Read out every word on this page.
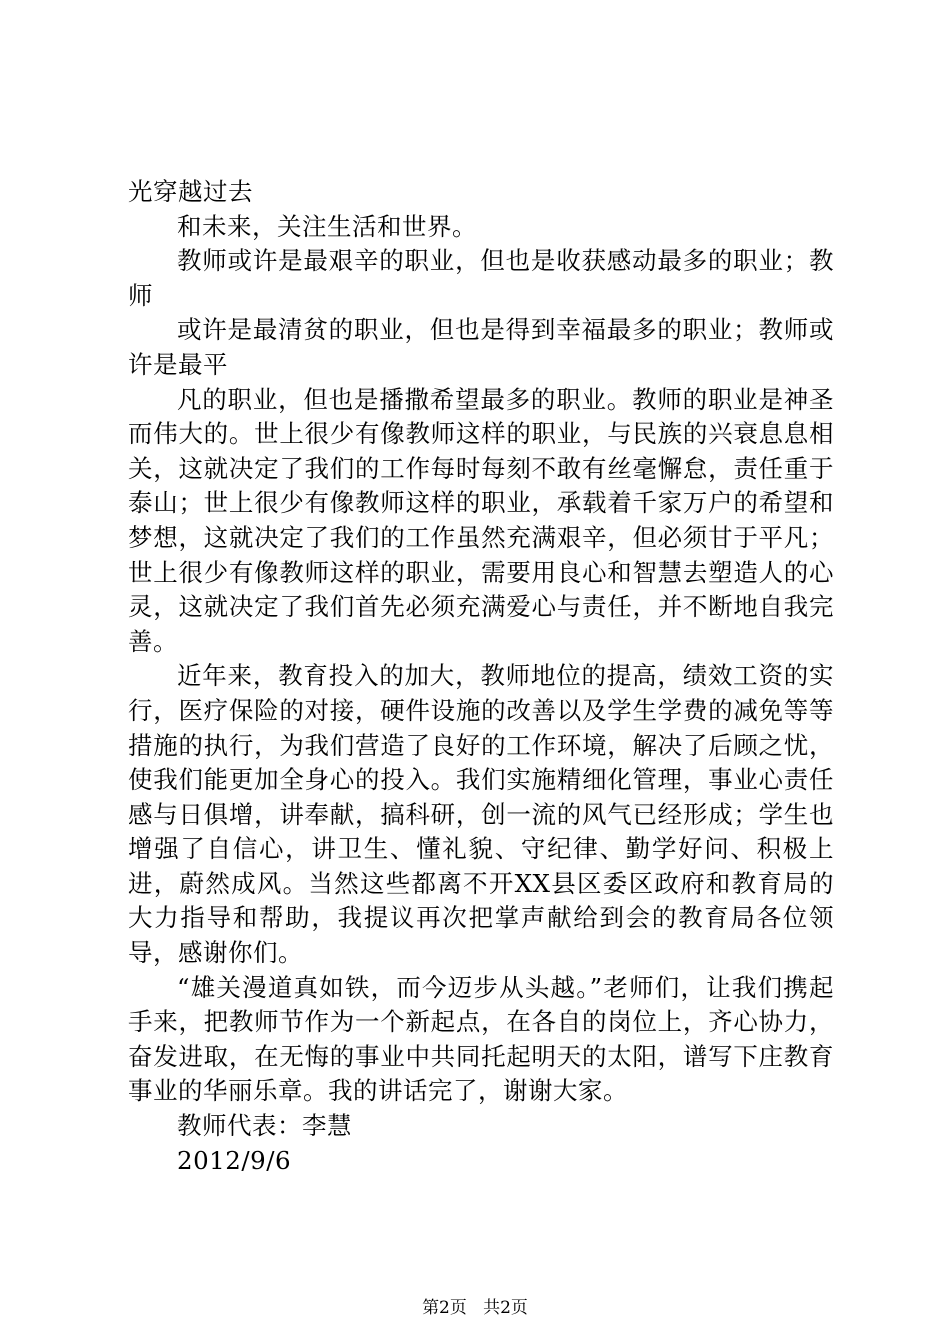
光穿越过去

和未来，关注生活和世界。

教师或许是最艰辛的职业，但也是收获感动最多的职业；教师

或许是最清贫的职业，但也是得到幸福最多的职业；教师或许是最平

凡的职业，但也是播撒希望最多的职业。教师的职业是神圣而伟大的。世上很少有像教师这样的职业，与民族的兴衰息息相关，这就决定了我们的工作每时每刻不敢有丝毫懈怠，责任重于泰山；世上很少有像教师这样的职业，承载着千家万户的希望和梦想，这就决定了我们的工作虽然充满艰辛，但必须甘于平凡；世上很少有像教师这样的职业，需要用良心和智慧去塑造人的心灵，这就决定了我们首先必须充满爱心与责任，并不断地自我完善。

近年来，教育投入的加大，教师地位的提高，绩效工资的实行，医疗保险的对接，硬件设施的改善以及学生学费的减免等等措施的执行，为我们营造了良好的工作环境，解决了后顾之忧，使我们能更加全身心的投入。我们实施精细化管理，事业心责任感与日俱增，讲奉献，搞科研，创一流的风气已经形成；学生也增强了自信心，讲卫生、懂礼貌、守纪律、勤学好问、积极上进，蔚然成风。当然这些都离不开XX县区委区政府和教育局的大力指导和帮助，我提议再次把掌声献给到会的教育局各位领导，感谢你们。

“雄关漫道真如铁，而今迈步从头越。”老师们，让我们携起手来，把教师节作为一个新起点，在各自的岗位上，齐心协力，奋发进取，在无悔的事业中共同托起明天的太阳，谱写下庄教育事业的华丽乐章。我的讲话完了，谢谢大家。

教师代表：李慧

2012/9/6

第2页 共2页
